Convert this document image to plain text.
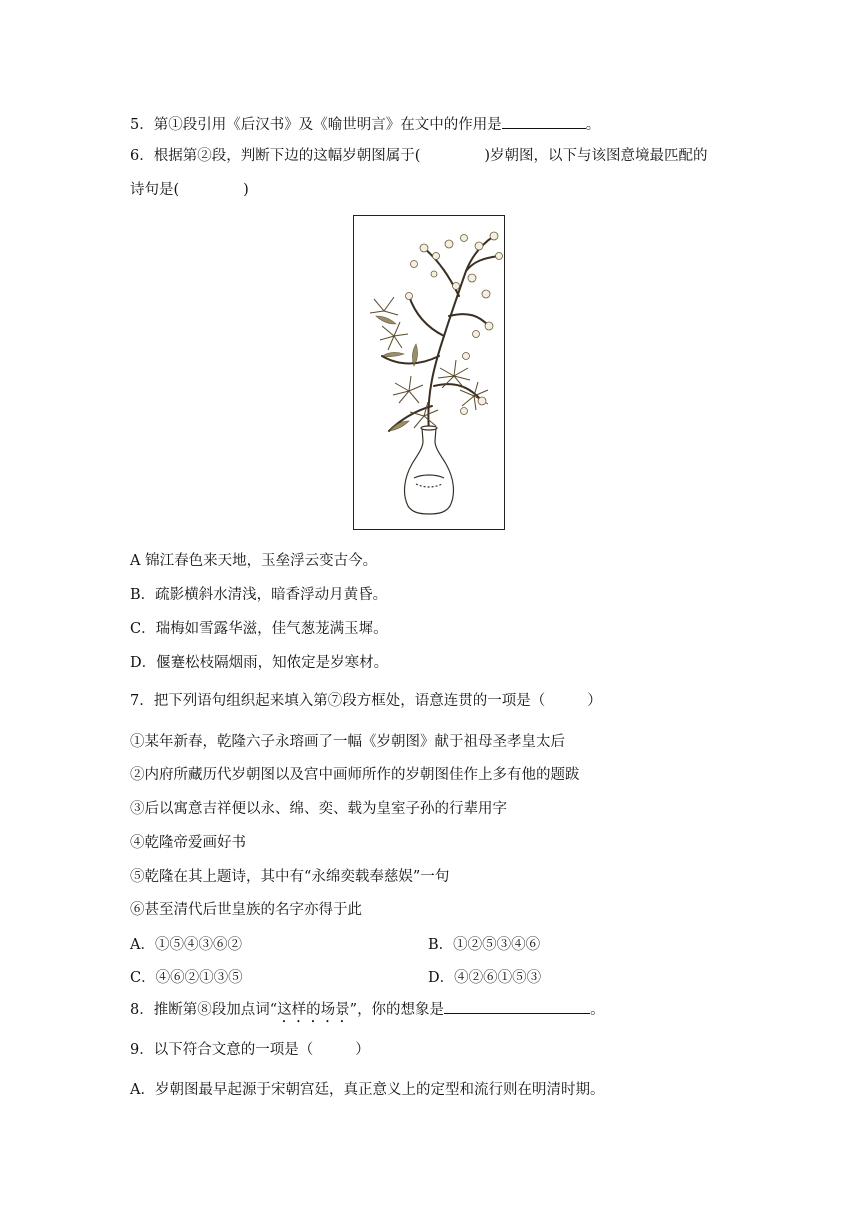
5．第①段引用《后汉书》及《喻世明言》在文中的作用是	。
6．根据第②段，判断下边的这幅岁朝图属于(	)岁朝图，以下与该图意境最匹配的
诗句是(	)
A 锦江春色来天地，玉垒浮云变古今。
B．疏影横斜水清浅，暗香浮动月黄昏。
C．瑞梅如雪露华滋，佳气葱茏满玉墀。
D．偃蹇松枝隔烟雨，知侬定是岁寒材。
7．把下列语句组织起来填入第⑦段方框处，语意连贯的一项是（	）
①某年新春，乾隆六子永瑢画了一幅《岁朝图》献于祖母圣孝皇太后
②内府所藏历代岁朝图以及宫中画师所作的岁朝图佳作上多有他的题跋
③后以寓意吉祥便以永、绵、奕、载为皇室子孙的行辈用字
④乾隆帝爱画好书
⑤乾隆在其上题诗，其中有“永绵奕载奉慈娱”一句
⑥甚至清代后世皇族的名字亦得于此
A．①⑤④③⑥②	B．①②⑤③④⑥
C．④⑥②①③⑤	D．④②⑥①⑤③
8．推断第⑧段加点词“这样的场景”，你的想象是	。
9．以下符合文意的一项是（	）
A．岁朝图最早起源于宋朝宫廷，真正意义上的定型和流行则在明清时期。
